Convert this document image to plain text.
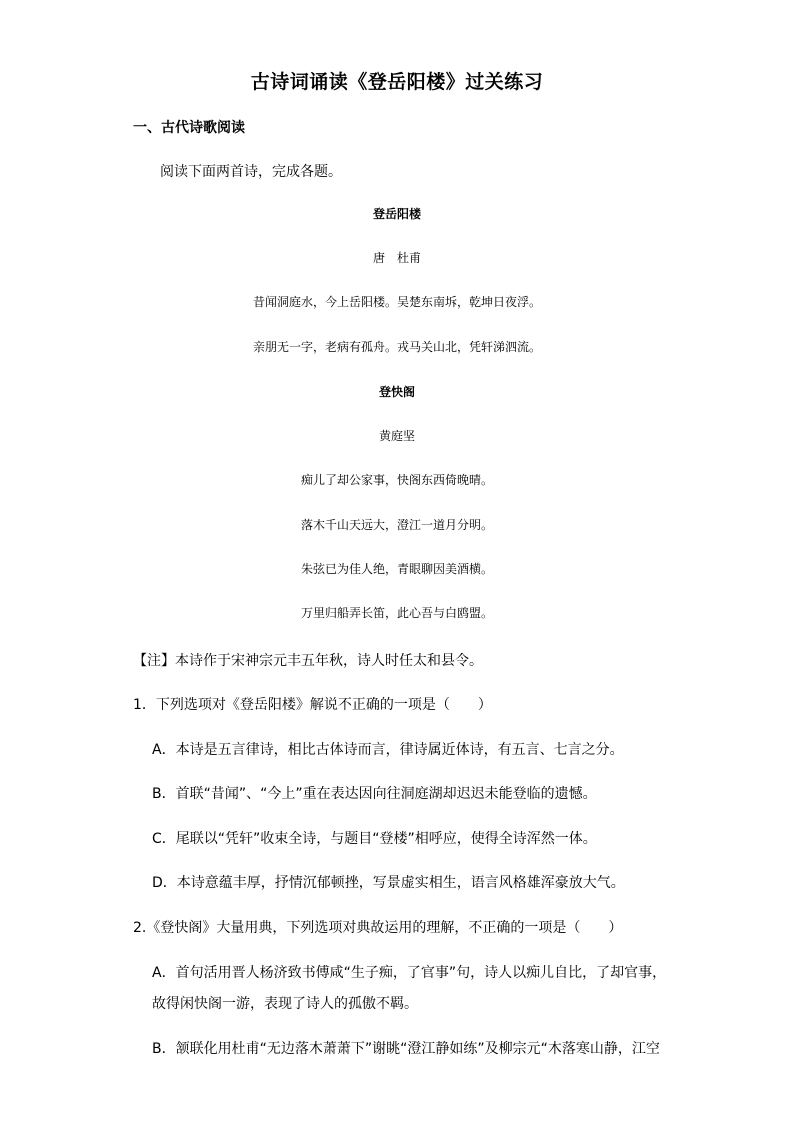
古诗词诵读《登岳阳楼》过关练习
一、古代诗歌阅读
阅读下面两首诗，完成各题。
登岳阳楼
唐　杜甫
昔闻洞庭水，今上岳阳楼。吴楚东南坼，乾坤日夜浮。
亲朋无一字，老病有孤舟。戎马关山北，凭轩涕泗流。
登快阁
黄庭坚
痴儿了却公家事，快阁东西倚晚晴。
落木千山天远大，澄江一道月分明。
朱弦已为佳人绝，青眼聊因美酒横。
万里归船弄长笛，此心吾与白鸥盟。
【注】本诗作于宋神宗元丰五年秋，诗人时任太和县令。
1．下列选项对《登岳阳楼》解说不正确的一项是（　　）
A．本诗是五言律诗，相比古体诗而言，律诗属近体诗，有五言、七言之分。
B．首联“昔闻”、“今上”重在表达因向往洞庭湖却迟迟未能登临的遗憾。
C．尾联以“凭轩”收束全诗，与题目“登楼”相呼应，使得全诗浑然一体。
D．本诗意蕴丰厚，抒情沉郁顿挫，写景虚实相生，语言风格雄浑豪放大气。
2.《登快阁》大量用典，下列选项对典故运用的理解，不正确的一项是（　　）
A．首句活用晋人杨济致书傅咸“生子痴，了官事”句，诗人以痴儿自比，了却官事，
故得闲快阁一游，表现了诗人的孤傲不羁。
B．颔联化用杜甫“无边落木萧萧下”谢眺“澄江静如练”及柳宗元“木落寒山静，江空
